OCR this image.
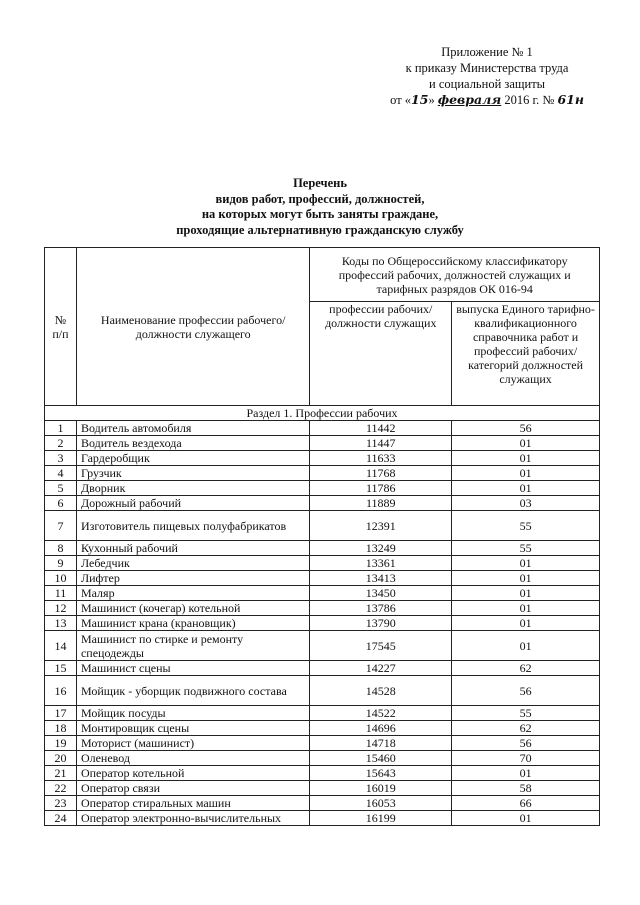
Приложение № 1
к приказу Министерства труда
и социальной защиты
от «15» февраля 2016 г. № 61н
Перечень
видов работ, профессий, должностей,
на которых могут быть заняты граждане,
проходящие альтернативную гражданскую службу
№
п/п	Наименование профессии рабочего/должности служащего	Коды по Общероссийскому классификатору профессий рабочих, должностей служащих и тарифных разрядов ОК 016-94	
		профессии рабочих/должности служащих	выпуска Единого тарифно-квалификационного справочника работ и профессий рабочих/категорий должностей служащих
Раздел 1. Профессии рабочих			
1	Водитель автомобиля	11442	56
2	Водитель вездехода	11447	01
3	Гардеробщик	11633	01
4	Грузчик	11768	01
5	Дворник	11786	01
6	Дорожный рабочий	11889	03
7	Изготовитель пищевых полуфабрикатов	12391	55
8	Кухонный рабочий	13249	55
9	Лебедчик	13361	01
10	Лифтер	13413	01
11	Маляр	13450	01
12	Машинист (кочегар) котельной	13786	01
13	Машинист крана (крановщик)	13790	01
14	Машинист по стирке и ремонту спецодежды	17545	01
15	Машинист сцены	14227	62
16	Мойщик - уборщик подвижного состава	14528	56
17	Мойщик посуды	14522	55
18	Монтировщик сцены	14696	62
19	Моторист (машинист)	14718	56
20	Оленевод	15460	70
21	Оператор котельной	15643	01
22	Оператор связи	16019	58
23	Оператор стиральных машин	16053	66
24	Оператор электронно-вычислительных	16199	01
